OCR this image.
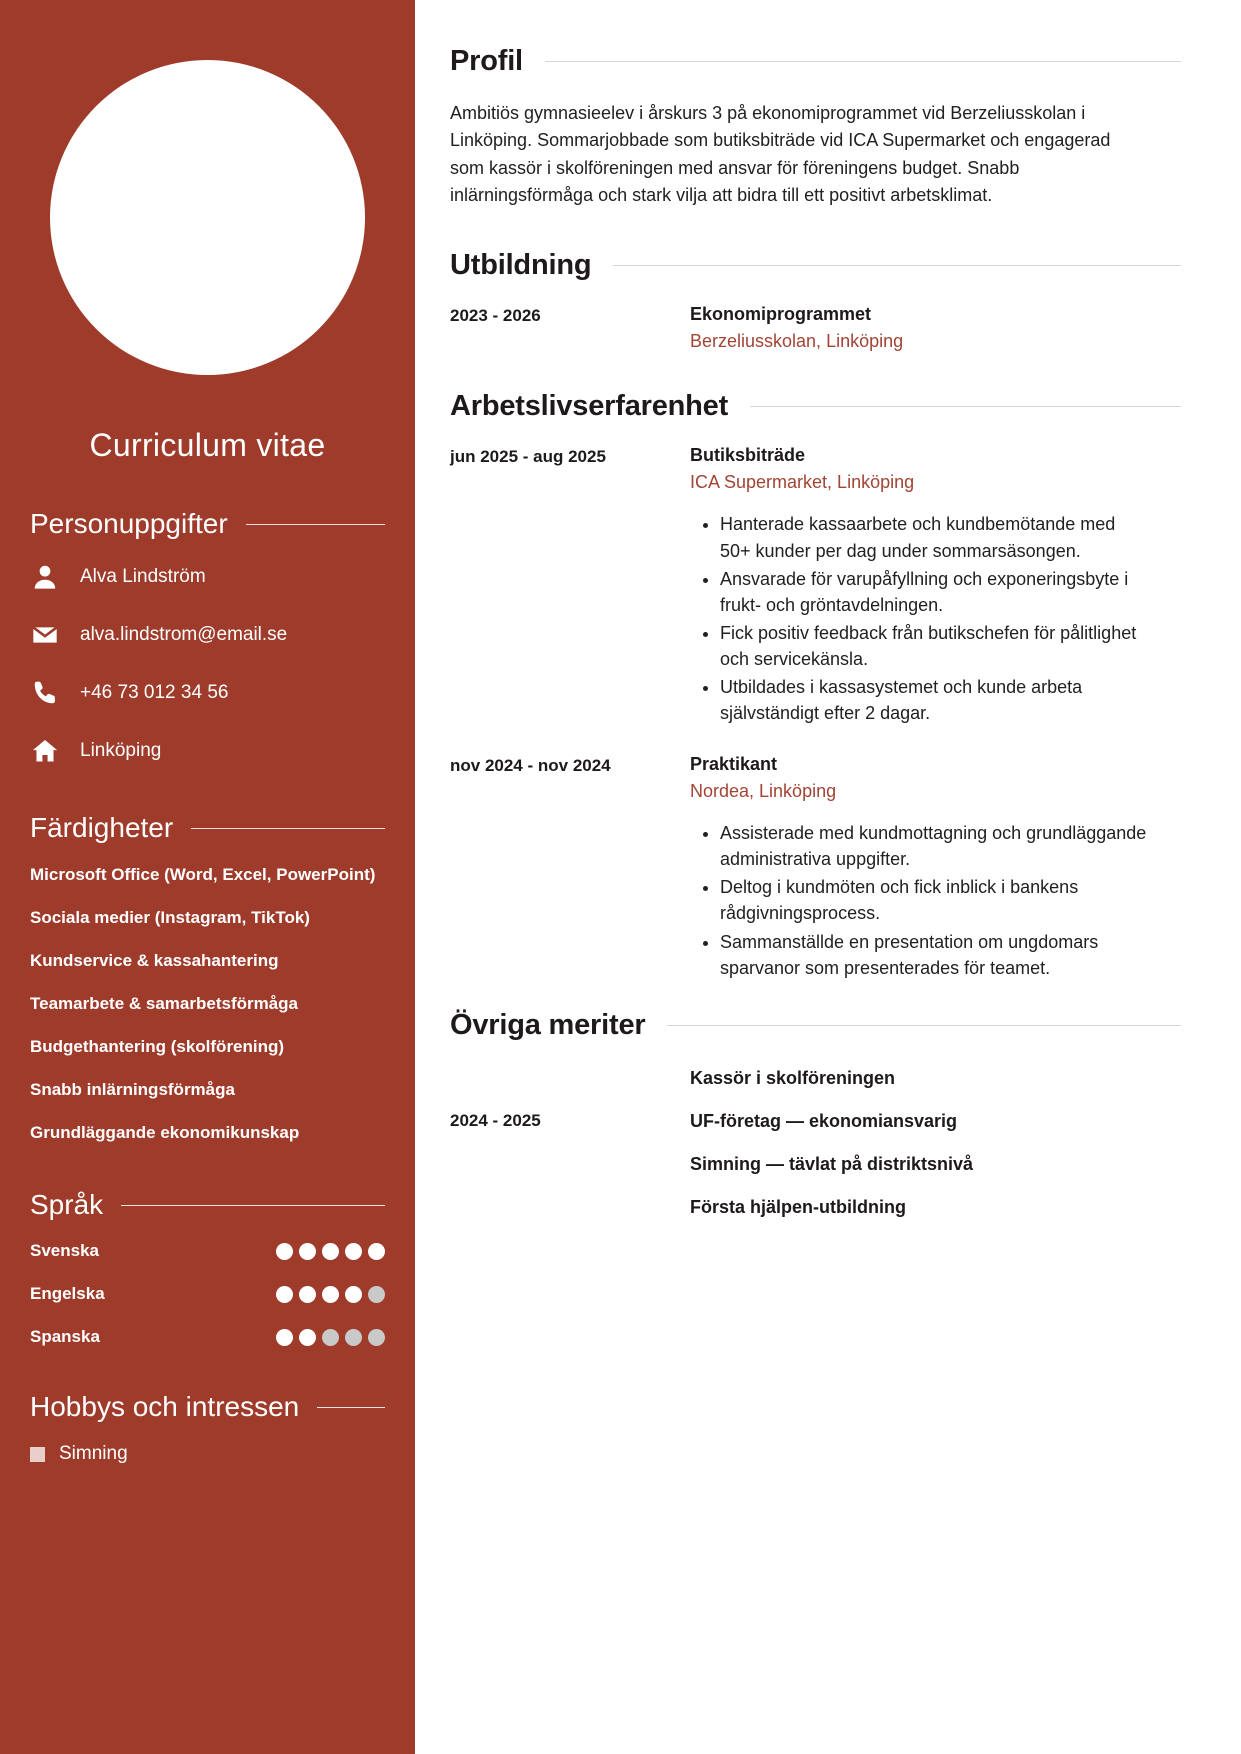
Curriculum vitae
Personuppgifter
Alva Lindström
alva.lindstrom@email.se
+46 73 012 34 56
Linköping
Färdigheter
Microsoft Office (Word, Excel, PowerPoint)
Sociala medier (Instagram, TikTok)
Kundservice & kassahantering
Teamarbete & samarbetsförmåga
Budgethantering (skolförening)
Snabb inlärningsförmåga
Grundläggande ekonomikunskap
Språk
Svenska
Engelska
Spanska
Hobbys och intressen
Simning
Profil

Ambitiös gymnasieelev i årskurs 3 på ekonomiprogrammet vid Berzeliusskolan i Linköping. Sommarjobbade som butiksbiträde vid ICA Supermarket och engagerad som kassör i skolföreningen med ansvar för föreningens budget. Snabb inlärningsförmåga och stark vilja att bidra till ett positivt arbetsklimat.

Utbildning
2023 - 2026	Ekonomiprogrammet
Berzeliusskolan, Linköping
Arbetslivserfarenhet
jun 2025 - aug 2025	Butiksbiträde
ICA Supermarket, Linköping
• Hanterade kassaarbete och kundbemötande med 50+ kunder per dag under sommarsäsongen.
• Ansvarade för varupåfyllning och exponeringsbyte i frukt- och gröntavdelningen.
• Fick positiv feedback från butikschefen för pålitlighet och servicekänsla.
• Utbildades i kassasystemet och kunde arbeta självständigt efter 2 dagar.
nov 2024 - nov 2024	Praktikant
Nordea, Linköping
• Assisterade med kundmottagning och grundläggande administrativa uppgifter.
• Deltog i kundmöten och fick inblick i bankens rådgivningsprocess.
• Sammanställde en presentation om ungdomars sparvanor som presenterades för teamet.
Övriga meriter
Kassör i skolföreningen
2024 - 2025	UF-företag — ekonomiansvarig
Simning — tävlat på distriktsnivå
Första hjälpen-utbildning
